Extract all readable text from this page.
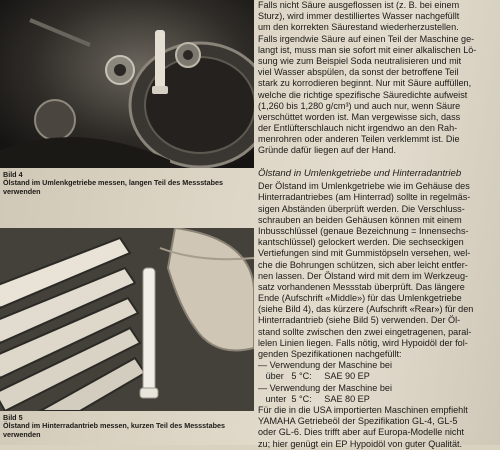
Bild 4
Ölstand im Umlenkgetriebe messen, langen Teil des Messstabes verwenden
Bild 5
Ölstand im Hinterradantrieb messen, kurzen Teil des Messstabes verwenden
Falls nicht Säure ausgeflossen ist (z. B. bei einem
Sturz), wird immer destilliertes Wasser nachgefüllt
um den korrekten Säurestand wiederherzustellen.
Falls irgendwie Säure auf einen Teil der Maschine ge-
langt ist, muss man sie sofort mit einer alkalischen Lö-
sung wie zum Beispiel Soda neutralisieren und mit
viel Wasser abspülen, da sonst der betroffene Teil
stark zu korrodieren beginnt. Nur mit Säure auffüllen,
welche die richtige spezifische Säuredichte aufweist
(1,260 bis 1,280 g/cm³) und auch nur, wenn Säure
verschüttet worden ist. Man vergewisse sich, dass
der Entlüfterschlauch nicht irgendwo an den Rah-
menrohren oder anderen Teilen verklemmt ist. Die
Gründe dafür liegen auf der Hand.
Ölstand in Umlenkgetriebe und Hinterradantrieb
Der Ölstand im Umlenkgetriebe wie im Gehäuse des
Hinterradantriebes (am Hinterrad) sollte in regelmäs-
sigen Abständen überprüft werden. Die Verschluss-
schrauben an beiden Gehäusen können mit einem
Inbusschlüssel (genaue Bezeichnung = Innensechs-
kantschlüssel) gelockert werden. Die sechseckigen
Vertiefungen sind mit Gummistöpseln versehen, wel-
che die Bohrungen schützen, sich aber leicht entfer-
nen lassen. Der Ölstand wird mit dem im Werkzeug-
satz vorhandenen Messstab überprüft. Das längere
Ende (Aufschrift «Middle») für das Umlenkgetriebe
(siehe Bild 4), das kürzere (Aufschrift «Rear») für den
Hinterradantrieb (siehe Bild 5) verwenden. Der Öl-
stand sollte zwischen den zwei eingetragenen, paral-
lelen Linien liegen. Falls nötig, wird Hypoidöl der fol-
genden Spezifikationen nachgefüllt:
— Verwendung der Maschine bei
über   5 °C:     SAE 90 EP
— Verwendung der Maschine bei
unter  5 °C:     SAE 80 EP
Für die in die USA importierten Maschinen empfiehlt
YAMAHA Getriebeöl der Spezifikation GL-4, GL-5
oder GL-6. Dies trifft aber auf Europa-Modelle nicht
zu; hier genügt ein EP Hypoidöl von guter Qualität.
